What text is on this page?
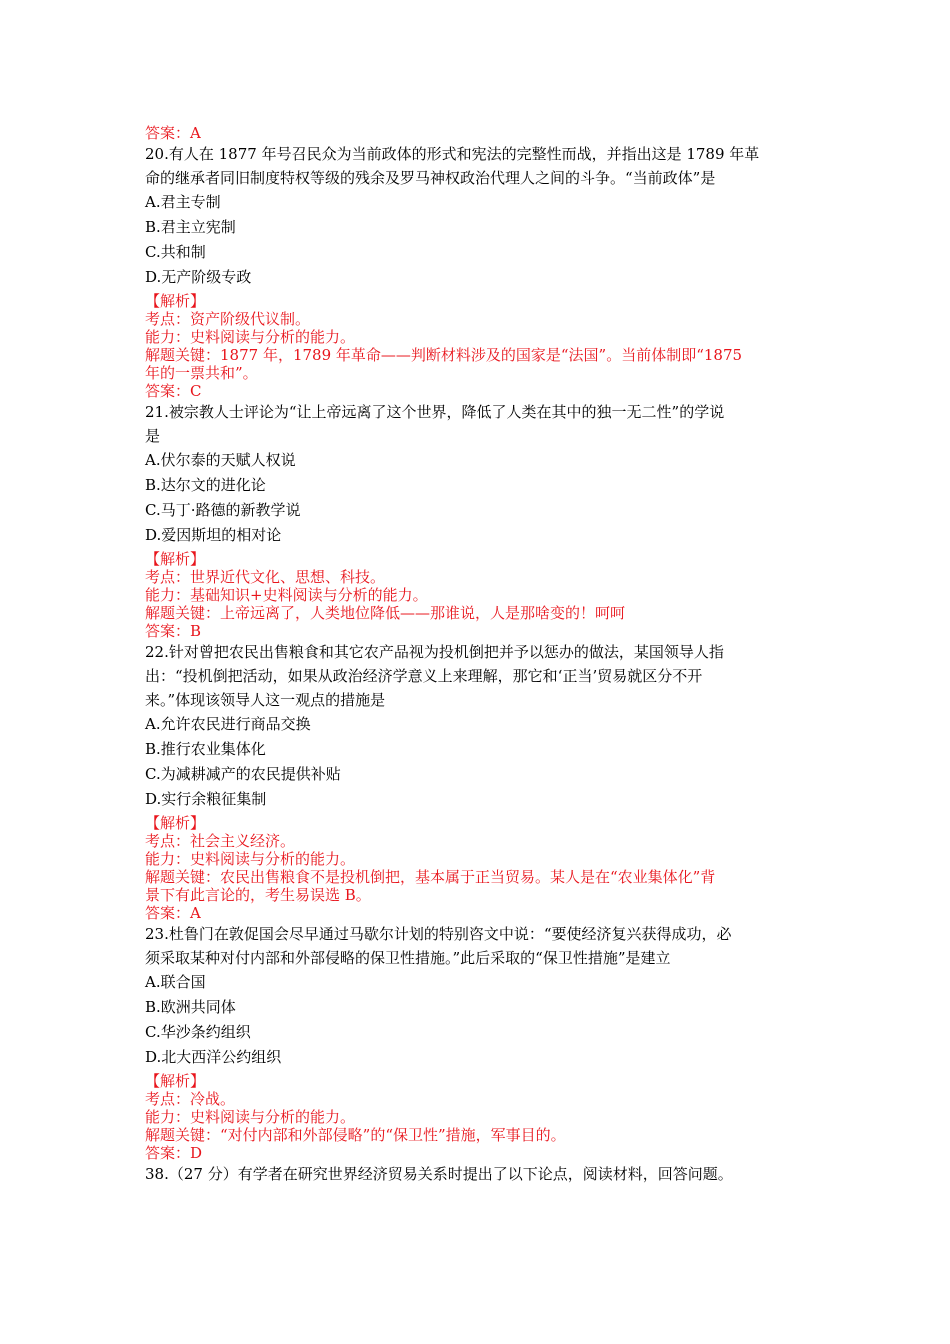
答案：A
20.有人在 1877 年号召民众为当前政体的形式和宪法的完整性而战，并指出这是 1789 年革
命的继承者同旧制度特权等级的残余及罗马神权政治代理人之间的斗争。“当前政体”是
A.君主专制
B.君主立宪制
C.共和制
D.无产阶级专政
【解析】
考点：资产阶级代议制。
能力：史料阅读与分析的能力。
解题关键：1877 年，1789 年革命——判断材料涉及的国家是“法国”。当前体制即“1875
年的一票共和”。
答案：C
21.被宗教人士评论为“让上帝远离了这个世界，降低了人类在其中的独一无二性”的学说
是
A.伏尔泰的天赋人权说
B.达尔文的进化论
C.马丁·路德的新教学说
D.爱因斯坦的相对论
【解析】
考点：世界近代文化、思想、科技。
能力：基础知识+史料阅读与分析的能力。
解题关键：上帝远离了，人类地位降低——那谁说，人是那啥变的！呵呵
答案：B
22.针对曾把农民出售粮食和其它农产品视为投机倒把并予以惩办的做法，某国领导人指
出：“投机倒把活动，如果从政治经济学意义上来理解，那它和‘正当’贸易就区分不开
来。”体现该领导人这一观点的措施是
A.允许农民进行商品交换
B.推行农业集体化
C.为减耕减产的农民提供补贴
D.实行余粮征集制
【解析】
考点：社会主义经济。
能力：史料阅读与分析的能力。
解题关键：农民出售粮食不是投机倒把，基本属于正当贸易。某人是在“农业集体化”背
景下有此言论的，考生易误选 B。
答案：A
23.杜鲁门在敦促国会尽早通过马歇尔计划的特别咨文中说：“要使经济复兴获得成功，必
须采取某种对付内部和外部侵略的保卫性措施。”此后采取的“保卫性措施”是建立
A.联合国
B.欧洲共同体
C.华沙条约组织
D.北大西洋公约组织
【解析】
考点：冷战。
能力：史料阅读与分析的能力。
解题关键：“对付内部和外部侵略”的“保卫性”措施，军事目的。
答案：D
38.（27 分）有学者在研究世界经济贸易关系时提出了以下论点，阅读材料，回答问题。
